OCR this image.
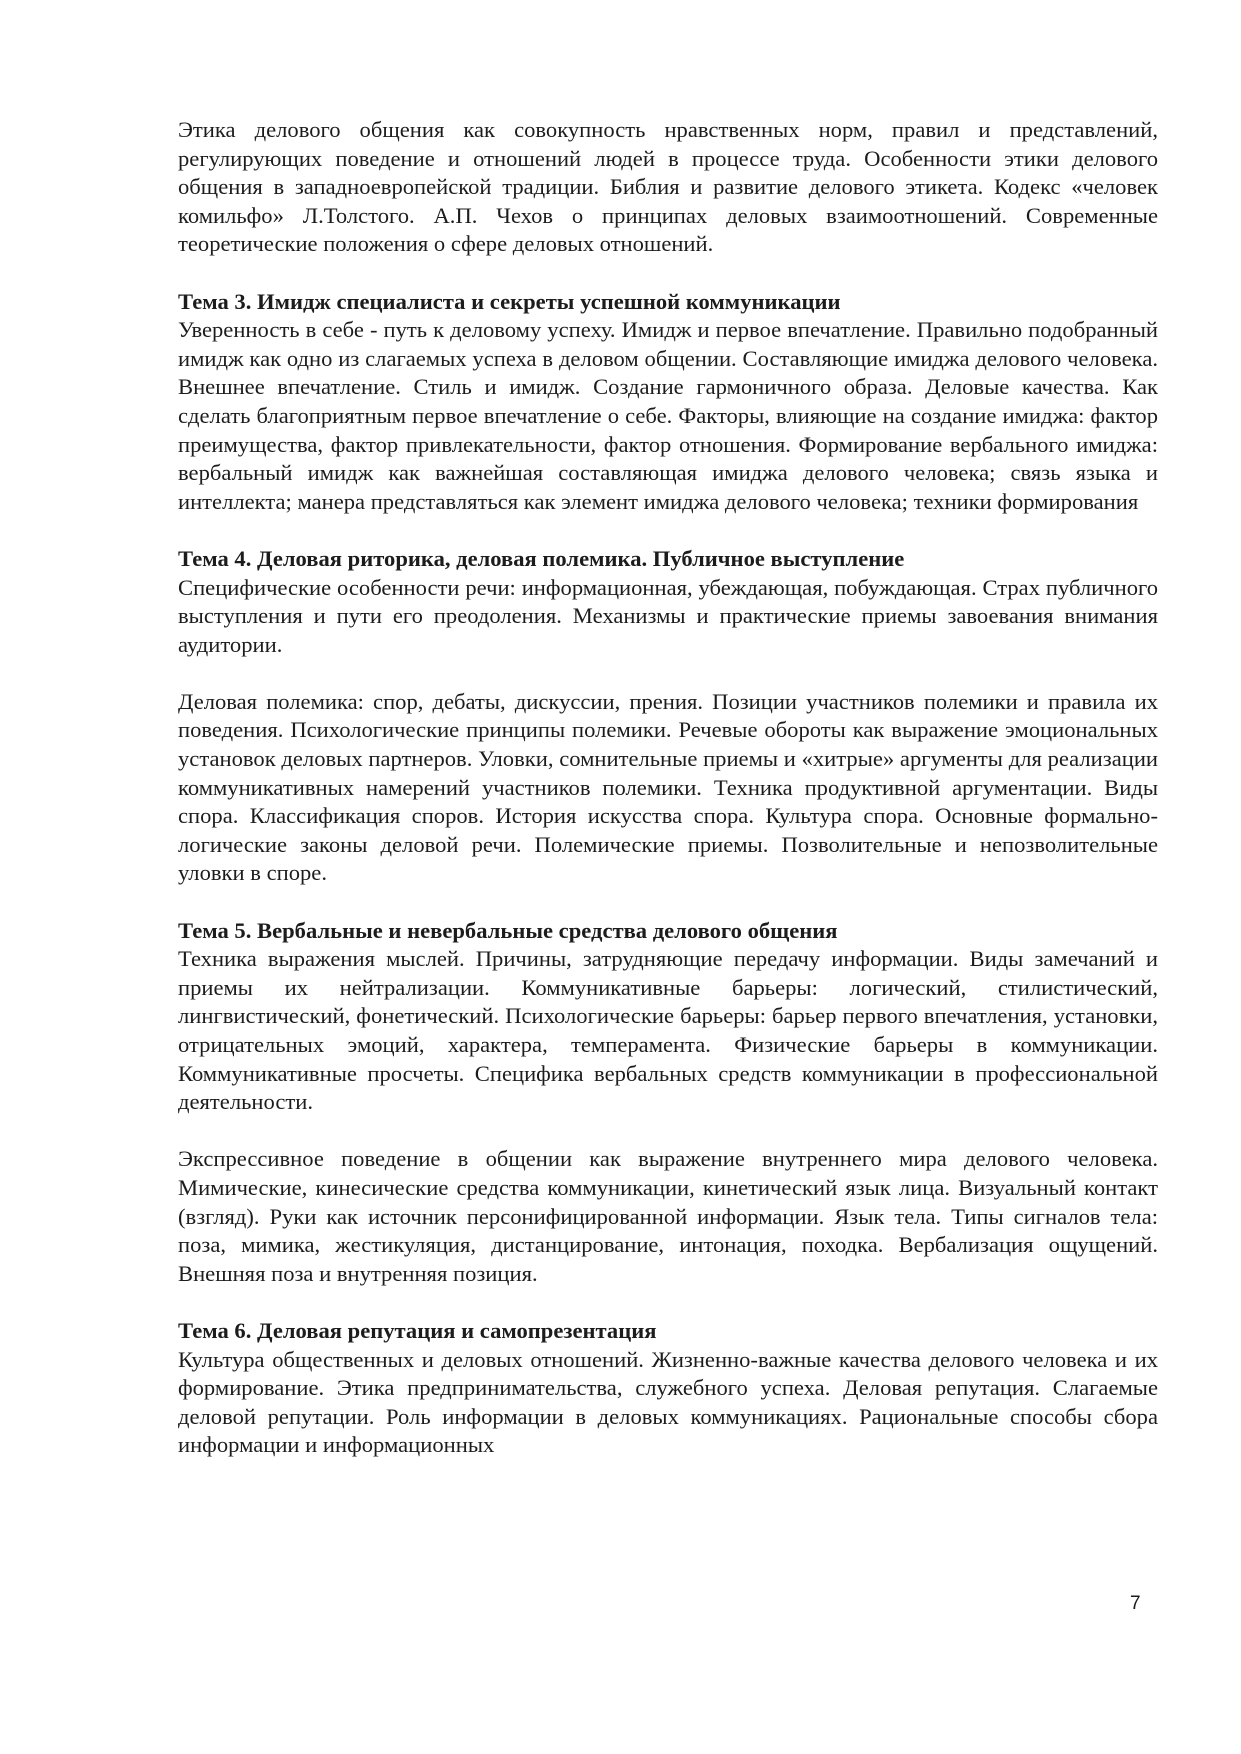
Этика делового общения как совокупность нравственных норм, правил и представлений, регулирующих поведение и отношений людей в процессе труда. Особенности этики делового общения в западноевропейской традиции. Библия и развитие делового этикета. Кодекс «человек комильфо» Л.Толстого. А.П. Чехов о принципах деловых взаимоотношений. Современные теоретические положения о сфере деловых отношений.

Тема 3. Имидж специалиста и секреты успешной коммуникации

Уверенность в себе - путь к деловому успеху. Имидж и первое впечатление. Правильно подобранный имидж как одно из слагаемых успеха в деловом общении. Составляющие имиджа делового человека. Внешнее впечатление. Стиль и имидж. Создание гармоничного образа. Деловые качества. Как сделать благоприятным первое впечатление о себе. Факторы, влияющие на создание имиджа: фактор преимущества, фактор привлекательности, фактор отношения. Формирование вербального имиджа: вербальный имидж как важнейшая составляющая имиджа делового человека; связь языка и интеллекта; манера представляться как элемент имиджа делового человека; техники формирования

Тема 4. Деловая риторика, деловая полемика. Публичное выступление

Специфические особенности речи: информационная, убеждающая, побуждающая. Страх публичного выступления и пути его преодоления. Механизмы и практические приемы завоевания внимания аудитории.

Деловая полемика: спор, дебаты, дискуссии, прения. Позиции участников полемики и правила их поведения. Психологические принципы полемики. Речевые обороты как выражение эмоциональных установок деловых партнеров. Уловки, сомнительные приемы и «хитрые» аргументы для реализации коммуникативных намерений участников полемики. Техника продуктивной аргументации. Виды спора. Классификация споров. История искусства спора. Культура спора. Основные формально-логические законы деловой речи. Полемические приемы. Позволительные и непозволительные уловки в споре.

Тема 5. Вербальные и невербальные средства делового общения

Техника выражения мыслей. Причины, затрудняющие передачу информации. Виды замечаний и приемы их нейтрализации. Коммуникативные барьеры: логический, стилистический, лингвистический, фонетический. Психологические барьеры: барьер первого впечатления, установки, отрицательных эмоций, характера, темперамента. Физические барьеры в коммуникации. Коммуникативные просчеты. Специфика вербальных средств коммуникации в профессиональной деятельности.

Экспрессивное поведение в общении как выражение внутреннего мира делового человека. Мимические, кинесические средства коммуникации, кинетический язык лица. Визуальный контакт (взгляд). Руки как источник персонифицированной информации. Язык тела. Типы сигналов тела: поза, мимика, жестикуляция, дистанцирование, интонация, походка. Вербализация ощущений. Внешняя поза и внутренняя позиция.

Тема 6. Деловая репутация и самопрезентация

Культура общественных и деловых отношений. Жизненно-важные качества делового человека и их формирование. Этика предпринимательства, служебного успеха. Деловая репутация. Слагаемые деловой репутации. Роль информации в деловых коммуникациях. Рациональные способы сбора информации и информационных

7
